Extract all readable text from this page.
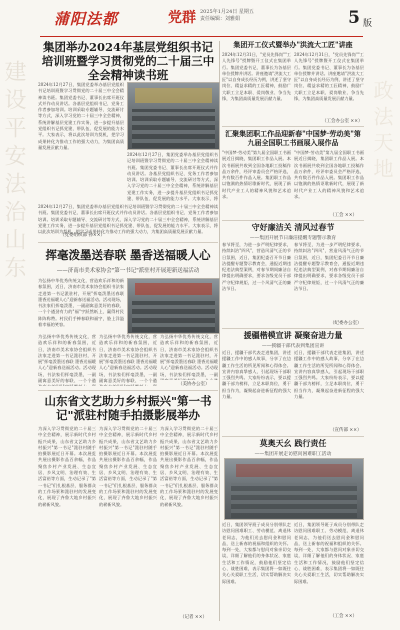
建设平安法治山东	政法天地
蒲阳法都	党群 2025年1月24日 星期五
责任编辑：刘雅娟	5 版
集团举办2024年基层党组织书记培训班暨学习贯彻党的二十届三中全会精神读书班
2024年12月27日，集团党委举办基层党组织书记培训班暨学习贯彻党的二十届三中全会精神读书班。集团党委书记、董事长出席开班仪式并作动员讲话。各基层党组织书记、党务工作者参加培训。培训采取专题辅导、交流研讨等方式，深入学习党的二十届三中全会精神，系统讲解基层党建工作实务，进一步提升基层党组织书记抓党建、带队伍、促发展的能力水平。大家表示，将以此次培训为契机，把学习成果转化为推动工作的强大动力，为集团高质量发展贡献力量。
2024年12月27日，集团党委举办基层党组织书记培训班暨学习贯彻党的二十届三中全会精神读书班。集团党委书记、董事长出席开班仪式并作动员讲话。各基层党组织书记、党务工作者参加培训。培训采取专题辅导、交流研讨等方式，深入学习党的二十届三中全会精神，系统讲解基层党建工作实务，进一步提升基层党组织书记抓党建、带队伍、促发展的能力水平。大家表示，将
2024年12月27日，集团党委举办基层党组织书记培训班暨学习贯彻党的二十届三中全会精神读书班。集团党委书记、董事长出席开班仪式并作动员讲话。各基层党组织书记、党务工作者参加培训。培训采取专题辅导、交流研讨等方式，深入学习党的二十届三中全会精神，系统讲解基层党建工作实务，进一步提升基层党组织书记抓党建、带队伍、促发展的能力水平。大家表示，将以此次培训为契机，把学习成果转化为推动工作的强大动力，为集团高质量发展贡献力量。
（党委组织部 孙××）
挥毫泼墨送春联 墨香送福暖人心
——济南市美术家协会"第一书记"派驻村开展迎新送福活动
为弘扬中华优秀传统文化，营造欢乐祥和的新春氛围，近日，济南市美术家协会组织书法家走进第一书记派驻村，开展"挥毫泼墨送春联 墨香送福暖人心"迎新春送福活动。活动现场，书法家们挥毫泼墨，一副副寓意美好的春联、一个个遒劲有力的"福"字跃然纸上，赢得村民阵阵称赞。村民们手捧春联和福字，脸上洋溢着幸福的笑容。
为弘扬中华优秀传统文化，营造欢乐祥和的新春氛围，近日，济南市美术家协会组织书法家走进第一书记派驻村，开展"挥毫泼墨送春联 墨香送福暖人心"迎新春送福活动。活动现场，书法家们挥毫泼墨，一副副寓意美好的春联、一个个遒
为弘扬中华优秀传统文化，营造欢乐祥和的新春氛围，近日，济南市美术家协会组织书法家走进第一书记派驻村，开展"挥毫泼墨送春联 墨香送福暖人心"迎新春送福活动。活动现场，书法家们挥毫泼墨，一副副寓意美好的春联、一个个遒
为弘扬中华优秀传统文化，营造欢乐祥和的新春氛围，近日，济南市美术家协会组织书法家走进第一书记派驻村，开展"挥毫泼墨送春联 墨香送福暖人心"迎新春送福活动。活动现场，书法家们挥毫泼墨，一副
（美协办公室）
山东省文艺助力乡村振兴"第一书记"派驻村随手拍摄影展举办
为深入学习贯彻党的二十届三中全会精神，展示新时代乡村振兴成果，山东省文艺助力乡村振兴"第一书记"派驻村随手拍摄影展近日开幕。本次展览共展出摄影作品百余幅，作品聚焦乡村产业发展、生态宜居、乡风文明、治理有效、生活富裕等方面，生动记录了"第一书记"们扎根基层、服务群众的工作场景和派驻村的发展变化，展现了齐鲁大地乡村振兴的崭新风貌。
为深入学习贯彻党的二十届三中全会精神，展示新时代乡村振兴成果，山东省文艺助力乡村振兴"第一书记"派驻村随手拍摄影展近日开幕。本次展览共展出摄影作品百余幅，作品聚焦乡村产业发展、生态宜居、乡风文明、治理有效、生活富裕等方面，生动记录了"第一书记"们扎根基层、服务群众的工作场景和派驻村的发展变化，展现了齐鲁大地乡村振兴的崭新风貌。
为深入学习贯彻党的二十届三中全会精神，展示新时代乡村振兴成果，山东省文艺助力乡村振兴"第一书记"派驻村随手拍摄影展近日开幕。本次展览共展出摄影作品百余幅，作品聚焦乡村产业发展、生态宜居、乡风文明、治理有效、生活富裕等方面，生动记录了"第一书记"们扎根基层、服务群众的工作场景和派驻村的发展变化，展现了齐鲁大地乡村振兴的崭新风貌。
（记者 ××）
集团开工仪式暨举办"洪流大工匠"讲座
2024年12月31日，"党员先锋岗""工人先锋号"授牌暨开工仪式在集团举行。集团党委书记、董事长为各基层单位授牌并讲话。讲座邀请"洪流大工匠"以自身成长经历为例，讲述了坚守岗位、精益求精的工匠精神，鼓励广大职工立足本职、爱岗敬业、争当先锋，为集团高质量发展贡献力量。
2024年12月31日，"党员先锋岗""工人先锋号"授牌暨开工仪式在集团举行。集团党委书记、董事长为各基层单位授牌并讲话。讲座邀请"洪流大工匠"以自身成长经历为例，讲述了坚守岗位、精益求精的工匠精神，鼓励广大职工立足本职、爱岗敬业、争当先锋，为集团高质量发展贡献力量。
（工会办公室 ××）
汇聚集团职工作品迎新春"中国梦·劳动美"第九届全国职工书画展入展作品
"中国梦·劳动美"第九届全国职工书画展近日揭晓，集团职工作品入展。本次书画展共收到全国各地职工投稿作品万余件，经评审委员会严格评选，共有数百件作品入展。集团职工作品以饱满的热情讴歌新时代，展现了新时代产业工人的精神风貌和艺术追求。
"中国梦·劳动美"第九届全国职工书画展近日揭晓，集团职工作品入展。本次书画展共收到全国各地职工投稿作品万余件，经评审委员会严格评选，共有数百件作品入展。集团职工作品以饱满的热情讴歌新时代，展现了新时代产业工人的精神风貌和艺术追求。
（工会 ××）
守好廉洁关 清风过春节
——集团开展节日廉洁提醒专题警示教育
春节将至，为进一步严明纪律要求，持续纠治"四风"，营造风清气正的节日氛围，近日，集团纪委召开节日廉洁提醒专题警示教育会，通报近期违纪违法典型案例，对春节期间廉洁自律提出明确要求，要求各级党员干部严守纪律规矩，过一个风清气正的廉洁节日。
春节将至，为进一步严明纪律要求，持续纠治"四风"，营造风清气正的节日氛围，近日，集团纪委召开节日廉洁提醒专题警示教育会，通报近期违纪违法典型案例，对春节期间廉洁自律提出明确要求，要求各级党员干部严守纪律规矩，过一个风清气正的廉洁节日。
（纪委办公室）
援疆楷模宣讲 凝聚奋进力量
——援疆干部代表到集团宣讲
近日，援疆干部代表走进集团，讲述援疆工作中的感人故事，分享了在边疆工作生活的所见所闻和心得体会。宣讲内容真挚感人，引起现场干部职工强烈共鸣。大家纷纷表示，要以援疆干部为榜样，立足本职岗位，勇于担当作为，凝聚起奋进新征程的强大力量。
近日，援疆干部代表走进集团，讲述援疆工作中的感人故事，分享了在边疆工作生活的所见所闻和心得体会。宣讲内容真挚感人，引起现场干部职工强烈共鸣。大家纷纷表示，要以援疆干部为榜样，立足本职岗位，勇于担当作为，凝聚起奋进新征程的强大力量。
（宣传部 ××）
莫奥天幺 践行责任
——集团开展走访慰问困难职工活动
近日，集团领导班子成员分别带队走访慰问困难职工、劳动模范、离退休老同志，为他们送去慰问金和慰问品，送上新春的祝福和组织的关怀。每到一处，大家都与慰问对象亲切交谈，详细了解他们的身体状况、家庭生活和工作情况，鼓励他们坚定信心、战胜困难，表示集团将一如既往关心关爱职工生活，切实帮助解决实际困难。
近日，集团领导班子成员分别带队走访慰问困难职工、劳动模范、离退休老同志，为他们送去慰问金和慰问品，送上新春的祝福和组织的关怀。每到一处，大家都与慰问对象亲切交谈，详细了解他们的身体状况、家庭生活和工作情况，鼓励他们坚定信心、战胜困难，表示集团将一如既往关心关爱职工生活，切实帮助解决实际困难。
（工会 ××）
